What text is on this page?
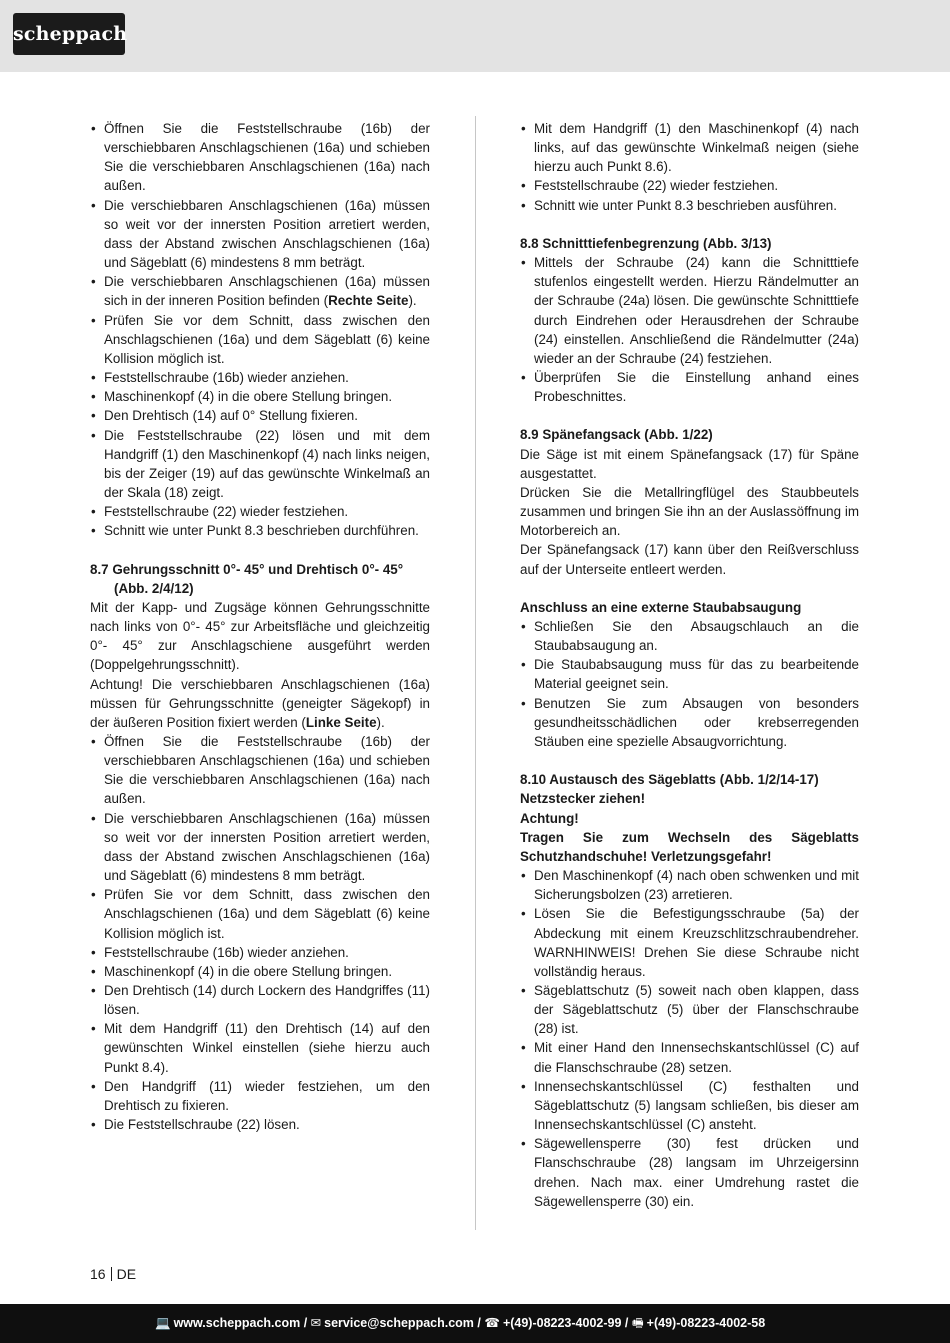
scheppach
• Öffnen Sie die Feststellschraube (16b) der verschiebbaren Anschlagschienen (16a) und schieben Sie die verschiebbaren Anschlagschienen (16a) nach außen.
• Die verschiebbaren Anschlagschienen (16a) müssen so weit vor der innersten Position arretiert werden, dass der Abstand zwischen Anschlagschienen (16a) und Sägeblatt (6) mindestens 8 mm beträgt.
• Die verschiebbaren Anschlagschienen (16a) müssen sich in der inneren Position befinden (Rechte Seite).
• Prüfen Sie vor dem Schnitt, dass zwischen den Anschlagschienen (16a) und dem Sägeblatt (6) keine Kollision möglich ist.
• Feststellschraube (16b) wieder anziehen.
• Maschinenkopf (4) in die obere Stellung bringen.
• Den Drehtisch (14) auf 0° Stellung fixieren.
• Die Feststellschraube (22) lösen und mit dem Handgriff (1) den Maschinenkopf (4) nach links neigen, bis der Zeiger (19) auf das gewünschte Winkelmaß an der Skala (18) zeigt.
• Feststellschraube (22) wieder festziehen.
• Schnitt wie unter Punkt 8.3 beschrieben durchführen.
8.7 Gehrungsschnitt 0°- 45° und Drehtisch 0°- 45° (Abb. 2/4/12)

Mit der Kapp- und Zugsäge können Gehrungsschnitte nach links von 0°- 45° zur Arbeitsfläche und gleichzeitig 0°- 45° zur Anschlagschiene ausgeführt werden (Doppelgehrungsschnitt).

Achtung! Die verschiebbaren Anschlagschienen (16a) müssen für Gehrungsschnitte (geneigter Sägekopf) in der äußeren Position fixiert werden (Linke Seite).

• Öffnen Sie die Feststellschraube (16b) der verschiebbaren Anschlagschienen (16a) und schieben Sie die verschiebbaren Anschlagschienen (16a) nach außen.
• Die verschiebbaren Anschlagschienen (16a) müssen so weit vor der innersten Position arretiert werden, dass der Abstand zwischen Anschlagschienen (16a) und Sägeblatt (6) mindestens 8 mm beträgt.
• Prüfen Sie vor dem Schnitt, dass zwischen den Anschlagschienen (16a) und dem Sägeblatt (6) keine Kollision möglich ist.
• Feststellschraube (16b) wieder anziehen.
• Maschinenkopf (4) in die obere Stellung bringen.
• Den Drehtisch (14) durch Lockern des Handgriffes (11) lösen.
• Mit dem Handgriff (11) den Drehtisch (14) auf den gewünschten Winkel einstellen (siehe hierzu auch Punkt 8.4).
• Den Handgriff (11) wieder festziehen, um den Drehtisch zu fixieren.
• Die Feststellschraube (22) lösen.
• Mit dem Handgriff (1) den Maschinenkopf (4) nach links, auf das gewünschte Winkelmaß neigen (siehe hierzu auch Punkt 8.6).
• Feststellschraube (22) wieder festziehen.
• Schnitt wie unter Punkt 8.3 beschrieben ausführen.
8.8 Schnitttiefenbegrenzung (Abb. 3/13)
• Mittels der Schraube (24) kann die Schnitttiefe stufenlos eingestellt werden. Hierzu Rändelmutter an der Schraube (24a) lösen. Die gewünschte Schnitttiefe durch Eindrehen oder Herausdrehen der Schraube (24) einstellen. Anschließend die Rändelmutter (24a) wieder an der Schraube (24) festziehen.
• Überprüfen Sie die Einstellung anhand eines Probeschnittes.
8.9 Spänefangsack (Abb. 1/22)

Die Säge ist mit einem Spänefangsack (17) für Späne ausgestattet.

Drücken Sie die Metallringflügel des Staubbeutels zusammen und bringen Sie ihn an der Auslassöffnung im Motorbereich an.

Der Spänefangsack (17) kann über den Reißverschluss auf der Unterseite entleert werden.

Anschluss an eine externe Staubabsaugung
• Schließen Sie den Absaugschlauch an die Staubabsaugung an.
• Die Staubabsaugung muss für das zu bearbeitende Material geeignet sein.
• Benutzen Sie zum Absaugen von besonders gesundheitsschädlichen oder krebserregenden Stäuben eine spezielle Absaugvorrichtung.
8.10 Austausch des Sägeblatts (Abb. 1/2/14-17)

Netzstecker ziehen!

Achtung!

Tragen Sie zum Wechseln des Sägeblatts Schutzhandschuhe! Verletzungsgefahr!

• Den Maschinenkopf (4) nach oben schwenken und mit Sicherungsbolzen (23) arretieren.
• Lösen Sie die Befestigungsschraube (5a) der Abdeckung mit einem Kreuzschlitzschraubendreher. WARNHINWEIS! Drehen Sie diese Schraube nicht vollständig heraus.
• Sägeblattschutz (5) soweit nach oben klappen, dass der Sägeblattschutz (5) über der Flanschschraube (28) ist.
• Mit einer Hand den Innensechskantschlüssel (C) auf die Flanschschraube (28) setzen.
• Innensechskantschlüssel (C) festhalten und Sägeblattschutz (5) langsam schließen, bis dieser am Innensechskantschlüssel (C) ansteht.
• Sägewellensperre (30) fest drücken und Flanschschraube (28) langsam im Uhrzeigersinn drehen. Nach max. einer Umdrehung rastet die Sägewellensperre (30) ein.
16 DE
💻 www.scheppach.com / ✉ service@scheppach.com / ☎ +(49)-08223-4002-99 / 🖷 +(49)-08223-4002-58
